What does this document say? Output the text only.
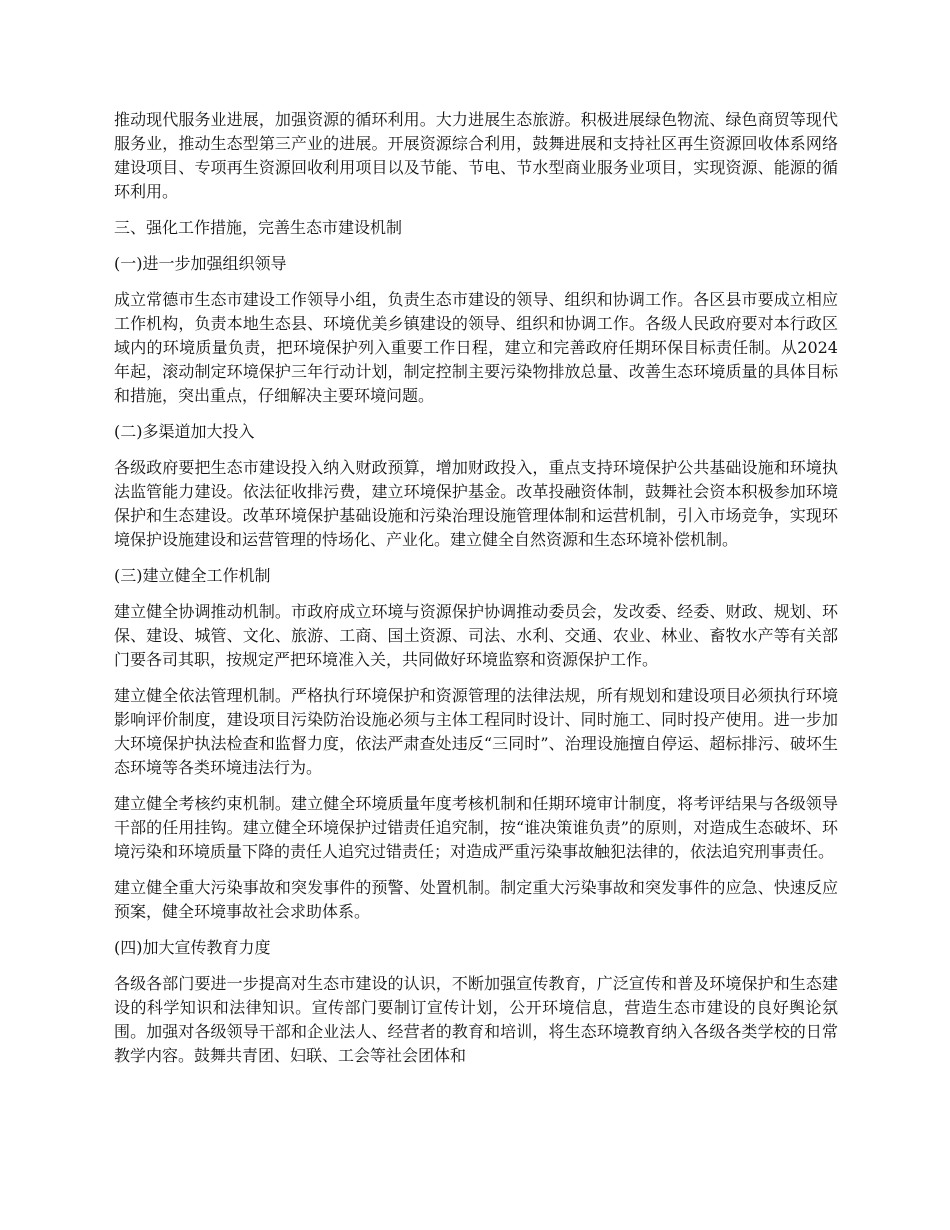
推动现代服务业进展，加强资源的循环利用。大力进展生态旅游。积极进展绿色物流、绿色商贸等现代服务业，推动生态型第三产业的进展。开展资源综合利用，鼓舞进展和支持社区再生资源回收体系网络建设项目、专项再生资源回收利用项目以及节能、节电、节水型商业服务业项目，实现资源、能源的循环利用。

三、强化工作措施，完善生态市建设机制

(一)进一步加强组织领导

成立常德市生态市建设工作领导小组，负责生态市建设的领导、组织和协调工作。各区县市要成立相应工作机构，负责本地生态县、环境优美乡镇建设的领导、组织和协调工作。各级人民政府要对本行政区域内的环境质量负责，把环境保护列入重要工作日程，建立和完善政府任期环保目标责任制。从2024年起，滚动制定环境保护三年行动计划，制定控制主要污染物排放总量、改善生态环境质量的具体目标和措施，突出重点，仔细解决主要环境问题。

(二)多渠道加大投入

各级政府要把生态市建设投入纳入财政预算，增加财政投入，重点支持环境保护公共基础设施和环境执法监管能力建设。依法征收排污费，建立环境保护基金。改革投融资体制，鼓舞社会资本积极参加环境保护和生态建设。改革环境保护基础设施和污染治理设施管理体制和运营机制，引入市场竞争，实现环境保护设施建设和运营管理的恃场化、产业化。建立健全自然资源和生态环境补偿机制。

(三)建立健全工作机制

建立健全协调推动机制。市政府成立环境与资源保护协调推动委员会，发改委、经委、财政、规划、环保、建设、城管、文化、旅游、工商、国土资源、司法、水利、交通、农业、林业、畜牧水产等有关部门要各司其职，按规定严把环境准入关，共同做好环境监察和资源保护工作。

建立健全依法管理机制。严格执行环境保护和资源管理的法律法规，所有规划和建设项目必须执行环境影响评价制度，建设项目污染防治设施必须与主体工程同时设计、同时施工、同时投产使用。进一步加大环境保护执法检查和监督力度，依法严肃查处违反“三同时”、治理设施擅自停运、超标排污、破坏生态环境等各类环境违法行为。

建立健全考核约束机制。建立健全环境质量年度考核机制和任期环境审计制度，将考评结果与各级领导干部的任用挂钩。建立健全环境保护过错责任追究制，按“谁决策谁负责”的原则，对造成生态破坏、环境污染和环境质量下降的责任人追究过错责任；对造成严重污染事故触犯法律的，依法追究刑事责任。

建立健全重大污染事故和突发事件的预警、处置机制。制定重大污染事故和突发事件的应急、快速反应预案，健全环境事故社会求助体系。

(四)加大宣传教育力度

各级各部门要进一步提高对生态市建设的认识，不断加强宣传教育，广泛宣传和普及环境保护和生态建设的科学知识和法律知识。宣传部门要制订宣传计划，公开环境信息，营造生态市建设的良好舆论氛围。加强对各级领导干部和企业法人、经营者的教育和培训，将生态环境教育纳入各级各类学校的日常教学内容。鼓舞共青团、妇联、工会等社会团体和
